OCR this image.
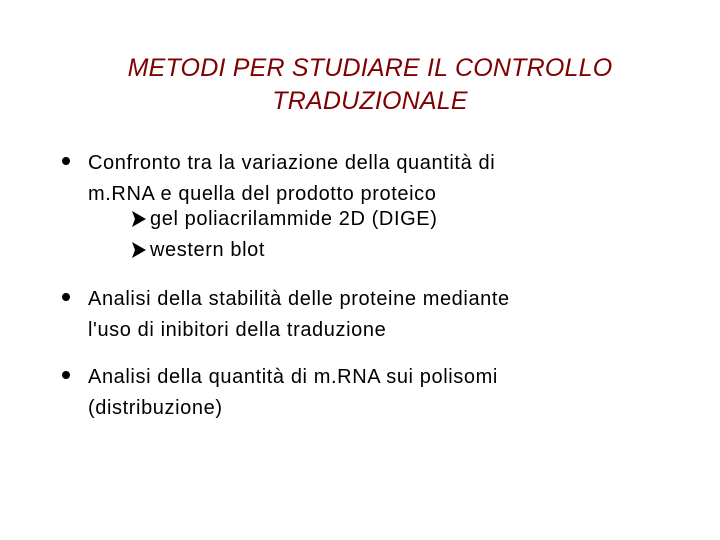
METODI PER STUDIARE IL CONTROLLO
TRADUZIONALE
Confronto tra la variazione della quantità di
m.RNA e quella del prodotto proteico
gel poliacrilammide 2D (DIGE)
western blot
Analisi della stabilità delle proteine mediante
l'uso di inibitori della traduzione
Analisi della quantità di m.RNA sui polisomi
(distribuzione)
